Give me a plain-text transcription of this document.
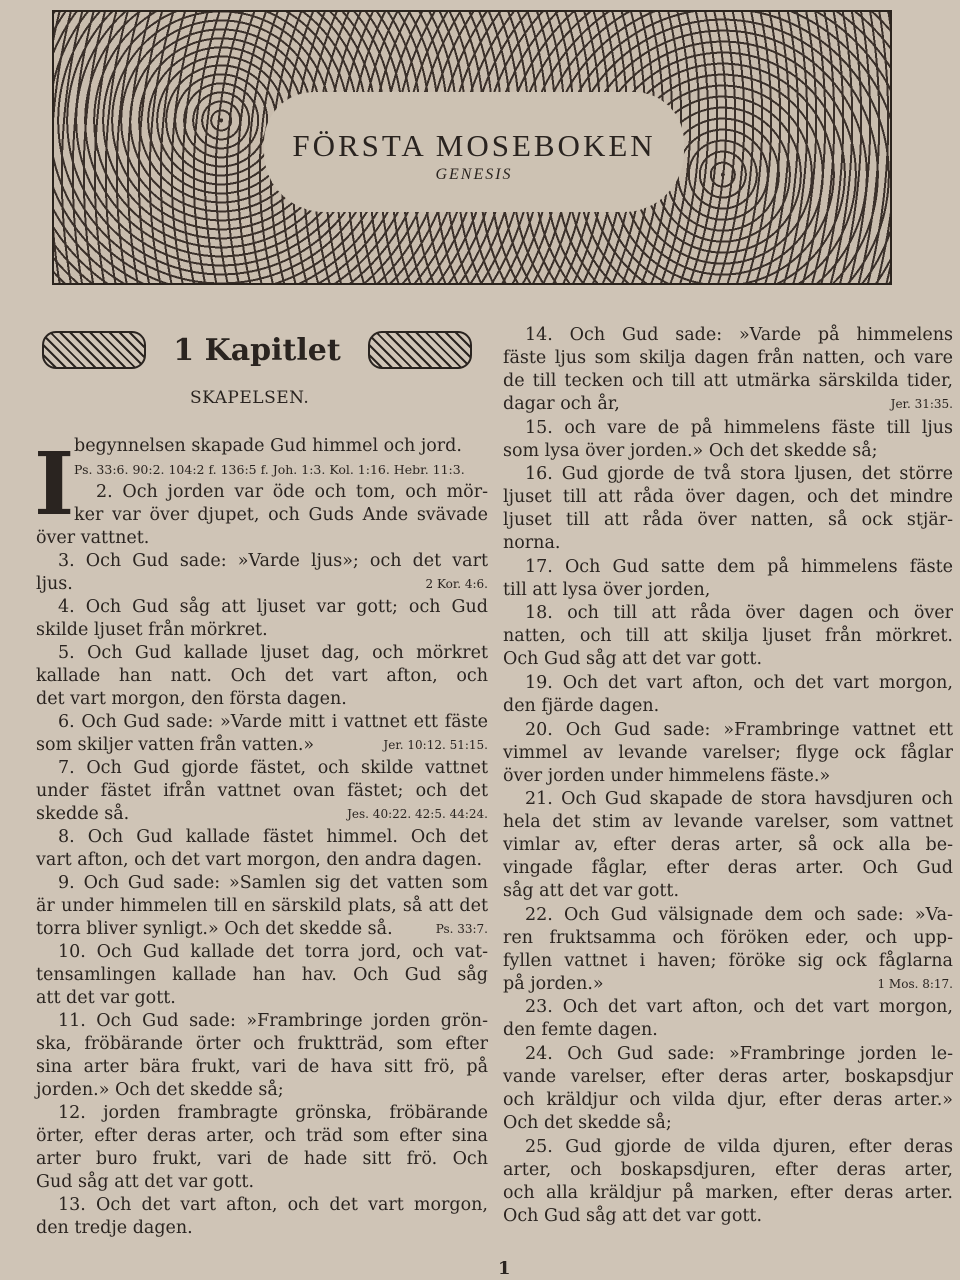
FÖRSTA MOSEBOKEN
GENESIS
1 Kapitlet
SKAPELSEN.
I begynnelsen skapade Gud himmel och jord.
Ps. 33:6. 90:2. 104:2 f. 136:5 f. Joh. 1:3. Kol. 1:16. Hebr. 11:3.
2. Och jorden var öde och tom, och mör-
ker var över djupet, och Guds Ande svävade
över vattnet.
3. Och Gud sade: »Varde ljus»; och det vart
ljus.	2 Kor. 4:6.
4. Och Gud såg att ljuset var gott; och Gud
skilde ljuset från mörkret.
5. Och Gud kallade ljuset dag, och mörkret
kallade han natt. Och det vart afton, och
det vart morgon, den första dagen.
6. Och Gud sade: »Varde mitt i vattnet ett fäste
som skiljer vatten från vatten.»	Jer. 10:12. 51:15.
7. Och Gud gjorde fästet, och skilde vattnet
under fästet ifrån vattnet ovan fästet; och det
skedde så.	Jes. 40:22. 42:5. 44:24.
8. Och Gud kallade fästet himmel. Och det
vart afton, och det vart morgon, den andra dagen.
9. Och Gud sade: »Samlen sig det vatten som
är under himmelen till en särskild plats, så att det
torra bliver synligt.» Och det skedde så.	Ps. 33:7.
10. Och Gud kallade det torra jord, och vat-
tensamlingen kallade han hav. Och Gud såg
att det var gott.
11. Och Gud sade: »Frambringe jorden grön-
ska, fröbärande örter och fruktträd, som efter
sina arter bära frukt, vari de hava sitt frö, på
jorden.» Och det skedde så;
12. jorden frambragte grönska, fröbärande
örter, efter deras arter, och träd som efter sina
arter buro frukt, vari de hade sitt frö. Och
Gud såg att det var gott.
13. Och det vart afton, och det vart morgon,
den tredje dagen.
14. Och Gud sade: »Varde på himmelens
fäste ljus som skilja dagen från natten, och vare
de till tecken och till att utmärka särskilda tider,
dagar och år,	Jer. 31:35.
15. och vare de på himmelens fäste till ljus
som lysa över jorden.» Och det skedde så;
16. Gud gjorde de två stora ljusen, det större
ljuset till att råda över dagen, och det mindre
ljuset till att råda över natten, så ock stjär-
norna.
17. Och Gud satte dem på himmelens fäste
till att lysa över jorden,
18. och till att råda över dagen och över
natten, och till att skilja ljuset från mörkret.
Och Gud såg att det var gott.
19. Och det vart afton, och det vart morgon,
den fjärde dagen.
20. Och Gud sade: »Frambringe vattnet ett
vimmel av levande varelser; flyge ock fåglar
över jorden under himmelens fäste.»
21. Och Gud skapade de stora havsdjuren och
hela det stim av levande varelser, som vattnet
vimlar av, efter deras arter, så ock alla be-
vingade fåglar, efter deras arter. Och Gud
såg att det var gott.
22. Och Gud välsignade dem och sade: »Va-
ren fruktsamma och föröken eder, och upp-
fyllen vattnet i haven; föröke sig ock fåglarna
på jorden.»	1 Mos. 8:17.
23. Och det vart afton, och det vart morgon,
den femte dagen.
24. Och Gud sade: »Frambringe jorden le-
vande varelser, efter deras arter, boskapsdjur
och kräldjur och vilda djur, efter deras arter.»
Och det skedde så;
25. Gud gjorde de vilda djuren, efter deras
arter, och boskapsdjuren, efter deras arter,
och alla kräldjur på marken, efter deras arter.
Och Gud såg att det var gott.
1
